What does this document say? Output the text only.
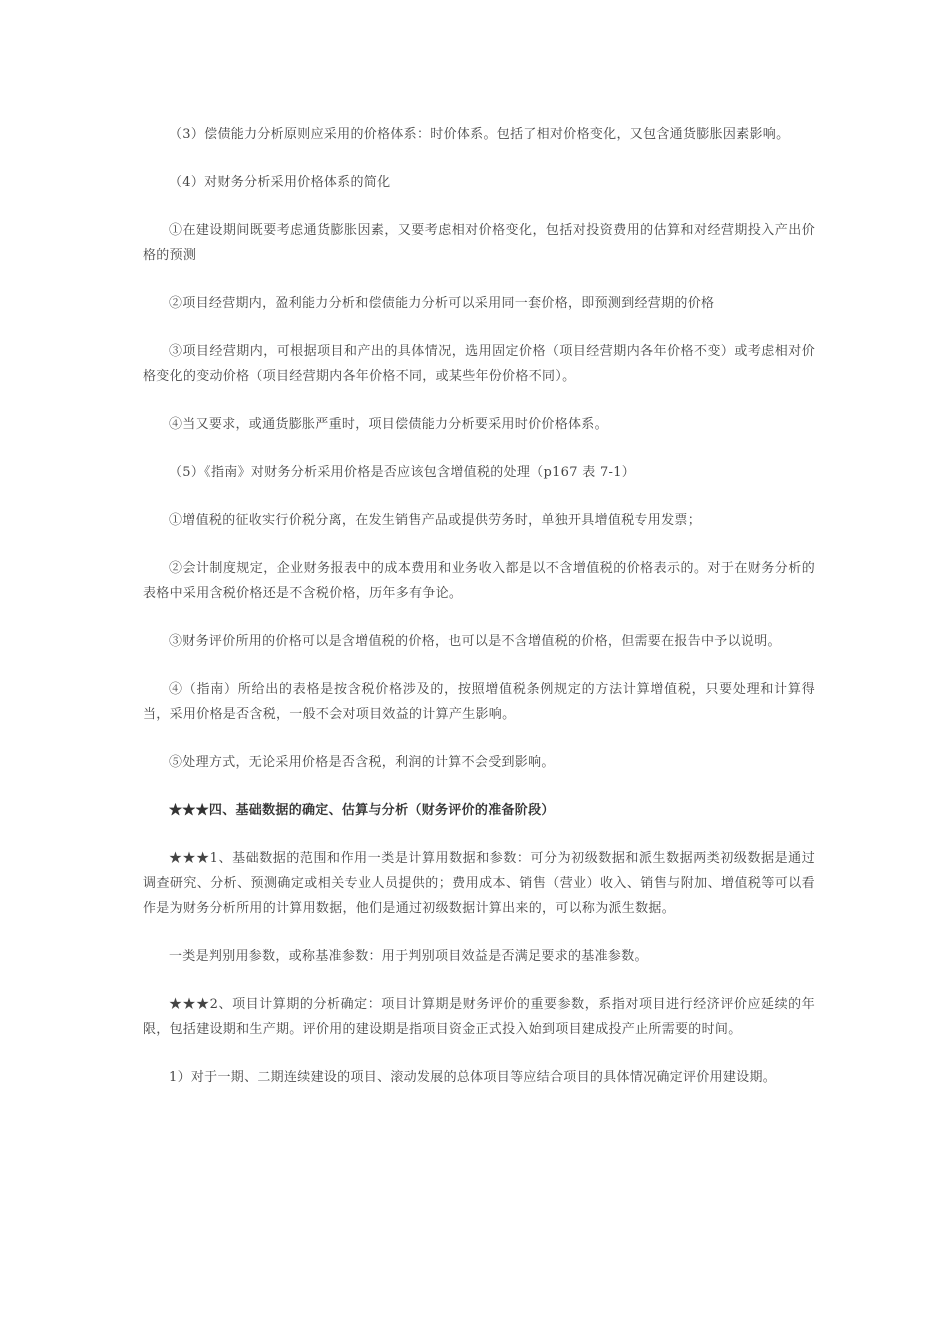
（3）偿债能力分析原则应采用的价格体系：时价体系。包括了相对价格变化，又包含通货膨胀因素影响。

（4）对财务分析采用价格体系的简化

①在建设期间既要考虑通货膨胀因素，又要考虑相对价格变化，包括对投资费用的估算和对经营期投入产出价格的预测

②项目经营期内，盈利能力分析和偿债能力分析可以采用同一套价格，即预测到经营期的价格

③项目经营期内，可根据项目和产出的具体情况，选用固定价格（项目经营期内各年价格不变）或考虑相对价格变化的变动价格（项目经营期内各年价格不同，或某些年份价格不同）。

④当又要求，或通货膨胀严重时，项目偿债能力分析要采用时价价格体系。

（5）《指南》对财务分析采用价格是否应该包含增值税的处理（p167 表 7-1）

①增值税的征收实行价税分离，在发生销售产品或提供劳务时，单独开具增值税专用发票；

②会计制度规定，企业财务报表中的成本费用和业务收入都是以不含增值税的价格表示的。对于在财务分析的表格中采用含税价格还是不含税价格，历年多有争论。

③财务评价所用的价格可以是含增值税的价格，也可以是不含增值税的价格，但需要在报告中予以说明。

④（指南）所给出的表格是按含税价格涉及的，按照增值税条例规定的方法计算增值税，只要处理和计算得当，采用价格是否含税，一般不会对项目效益的计算产生影响。

⑤处理方式，无论采用价格是否含税，利润的计算不会受到影响。

★★★四、基础数据的确定、估算与分析（财务评价的准备阶段）

★★★1、基础数据的范围和作用一类是计算用数据和参数：可分为初级数据和派生数据两类初级数据是通过调查研究、分析、预测确定或相关专业人员提供的；费用成本、销售（营业）收入、销售与附加、增值税等可以看作是为财务分析所用的计算用数据，他们是通过初级数据计算出来的，可以称为派生数据。

一类是判别用参数，或称基准参数：用于判别项目效益是否满足要求的基准参数。

★★★2、项目计算期的分析确定：项目计算期是财务评价的重要参数，系指对项目进行经济评价应延续的年限，包括建设期和生产期。评价用的建设期是指项目资金正式投入始到项目建成投产止所需要的时间。

1）对于一期、二期连续建设的项目、滚动发展的总体项目等应结合项目的具体情况确定评价用建设期。
